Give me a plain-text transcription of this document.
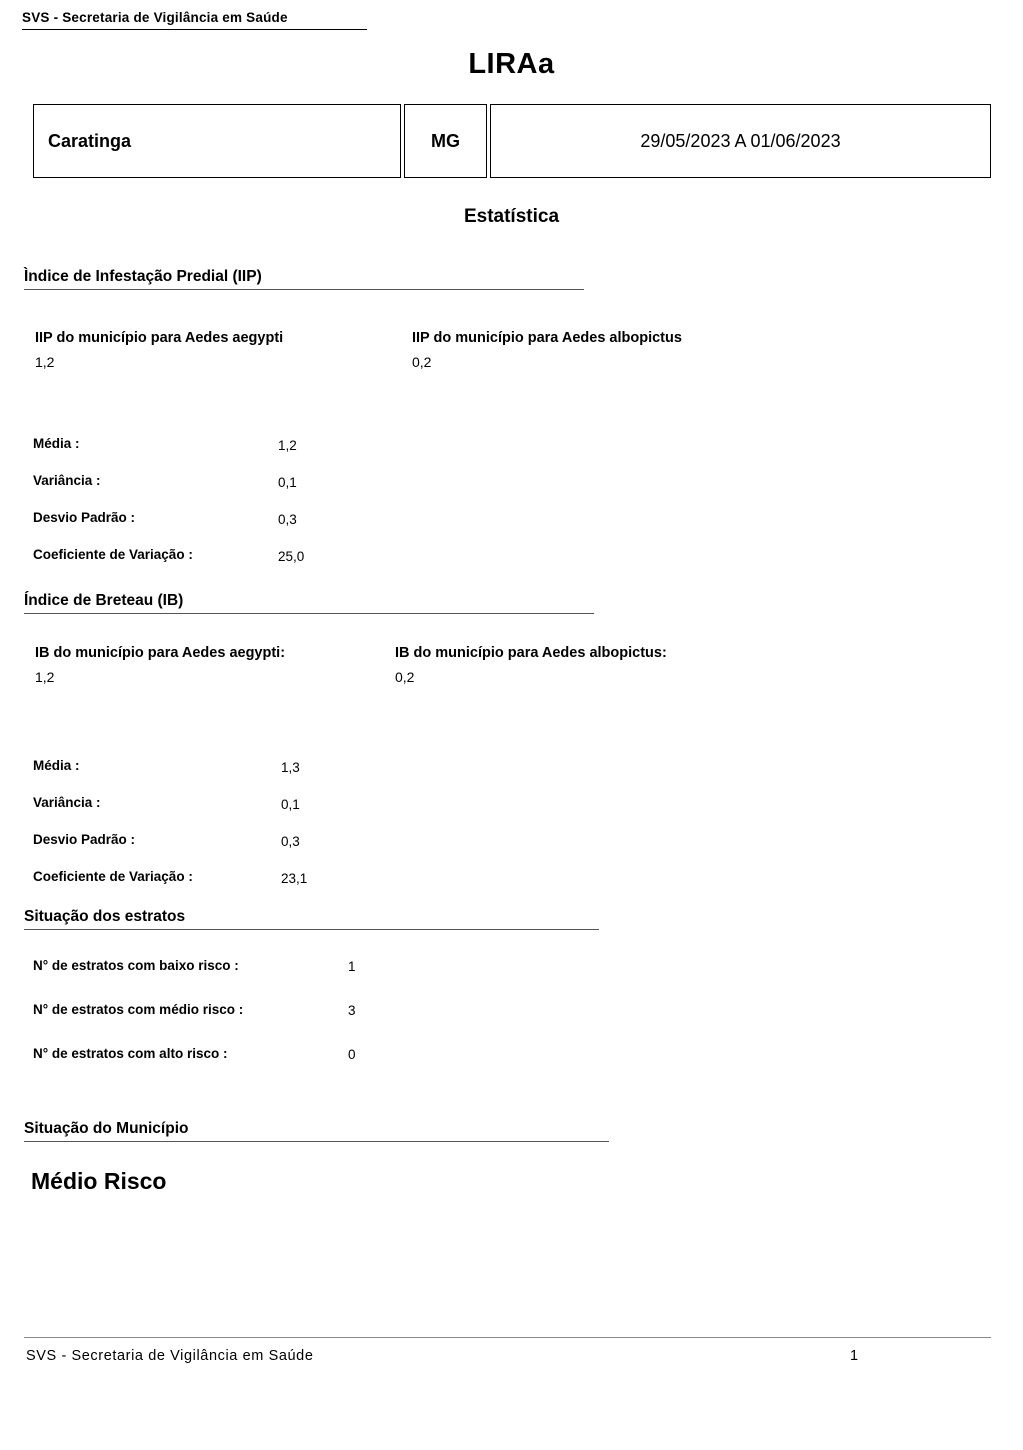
SVS - Secretaria de Vigilância em Saúde
LIRAa
Caratinga	MG	29/05/2023 A 01/06/2023
Estatística
Ìndice de Infestação Predial (IIP)
IIP do município para Aedes aegypti
1,2
IIP do município para Aedes albopictus
0,2
Média :	1,2
Variância :	0,1
Desvio Padrão :	0,3
Coeficiente de Variação :	25,0
Índice de Breteau (IB)
IB do município para Aedes aegypti:
1,2
IB do município para Aedes albopictus:
0,2
Média :	1,3
Variância :	0,1
Desvio Padrão :	0,3
Coeficiente de Variação :	23,1
Situação dos estratos
N° de estratos com baixo risco :	1
N° de estratos com médio risco :	3
N° de estratos com alto risco :	0
Situação do Município
Médio Risco
SVS - Secretaria de Vigilância em Saúde	1
